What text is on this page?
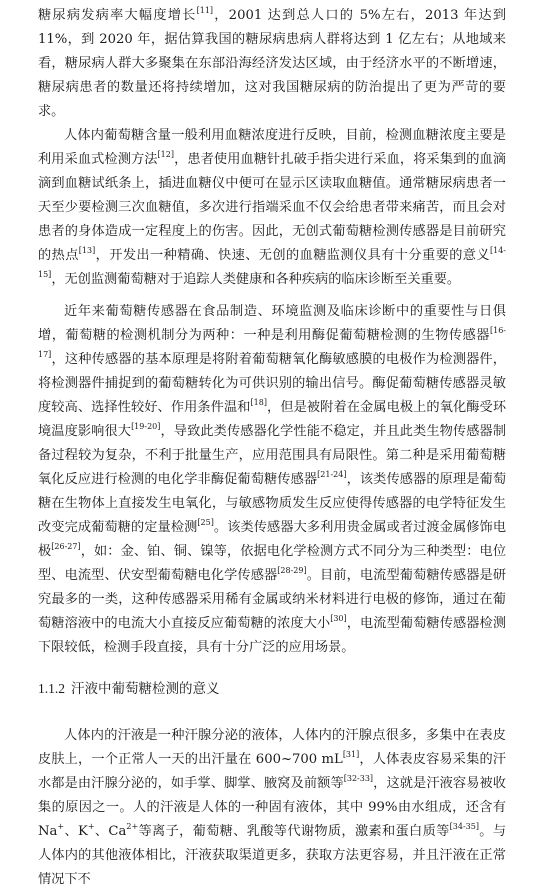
糖尿病发病率大幅度增长[11]，2001 达到总人口的 5%左右，2013 年达到 11%，到 2020 年，据估算我国的糖尿病患病人群将达到 1 亿左右；从地域来看，糖尿病人群大多聚集在东部沿海经济发达区域，由于经济水平的不断增速，糖尿病患者的数量还将持续增加，这对我国糖尿病的防治提出了更为严苛的要求。

人体内葡萄糖含量一般利用血糖浓度进行反映，目前，检测血糖浓度主要是利用采血式检测方法[12]，患者使用血糖针扎破手指尖进行采血，将采集到的血滴滴到血糖试纸条上，插进血糖仪中便可在显示区读取血糖值。通常糖尿病患者一天至少要检测三次血糖值，多次进行指端采血不仅会给患者带来痛苦，而且会对患者的身体造成一定程度上的伤害。因此，无创式葡萄糖检测传感器是目前研究的热点[13]，开发出一种精确、快速、无创的血糖监测仪具有十分重要的意义[14-15]，无创监测葡萄糖对于追踪人类健康和各种疾病的临床诊断至关重要。

近年来葡萄糖传感器在食品制造、环境监测及临床诊断中的重要性与日俱增，葡萄糖的检测机制分为两种：一种是利用酶促葡萄糖检测的生物传感器[16-17]，这种传感器的基本原理是将附着葡萄糖氧化酶敏感膜的电极作为检测器件，将检测器件捕捉到的葡萄糖转化为可供识别的输出信号。酶促葡萄糖传感器灵敏度较高、选择性较好、作用条件温和[18]，但是被附着在金属电极上的氧化酶受环境温度影响很大[19-20]，导致此类传感器化学性能不稳定，并且此类生物传感器制备过程较为复杂，不利于批量生产，应用范围具有局限性。第二种是采用葡萄糖氧化反应进行检测的电化学非酶促葡萄糖传感器[21-24]，该类传感器的原理是葡萄糖在生物体上直接发生电氧化，与敏感物质发生反应使得传感器的电学特征发生改变完成葡萄糖的定量检测[25]。该类传感器大多利用贵金属或者过渡金属修饰电极[26-27]，如：金、铂、铜、镍等，依据电化学检测方式不同分为三种类型：电位型、电流型、伏安型葡萄糖电化学传感器[28-29]。目前，电流型葡萄糖传感器是研究最多的一类，这种传感器采用稀有金属或纳米材料进行电极的修饰，通过在葡萄糖溶液中的电流大小直接反应葡萄糖的浓度大小[30]，电流型葡萄糖传感器检测下限较低，检测手段直接，具有十分广泛的应用场景。

1.1.2 汗液中葡萄糖检测的意义

人体内的汗液是一种汗腺分泌的液体，人体内的汗腺点很多，多集中在表皮皮肤上，一个正常人一天的出汗量在 600~700 mL[31]，人体表皮容易采集的汗水都是由汗腺分泌的，如手掌、脚掌、腋窝及前额等[32-33]，这就是汗液容易被收集的原因之一。人的汗液是人体的一种固有液体，其中 99%由水组成，还含有 Na+、K+、$Ca^{2+}$等离子，葡萄糖、乳酸等代谢物质，激素和蛋白质等[34-35]。与人体内的其他液体相比，汗液获取渠道更多，获取方法更容易，并且汗液在正常情况下不
